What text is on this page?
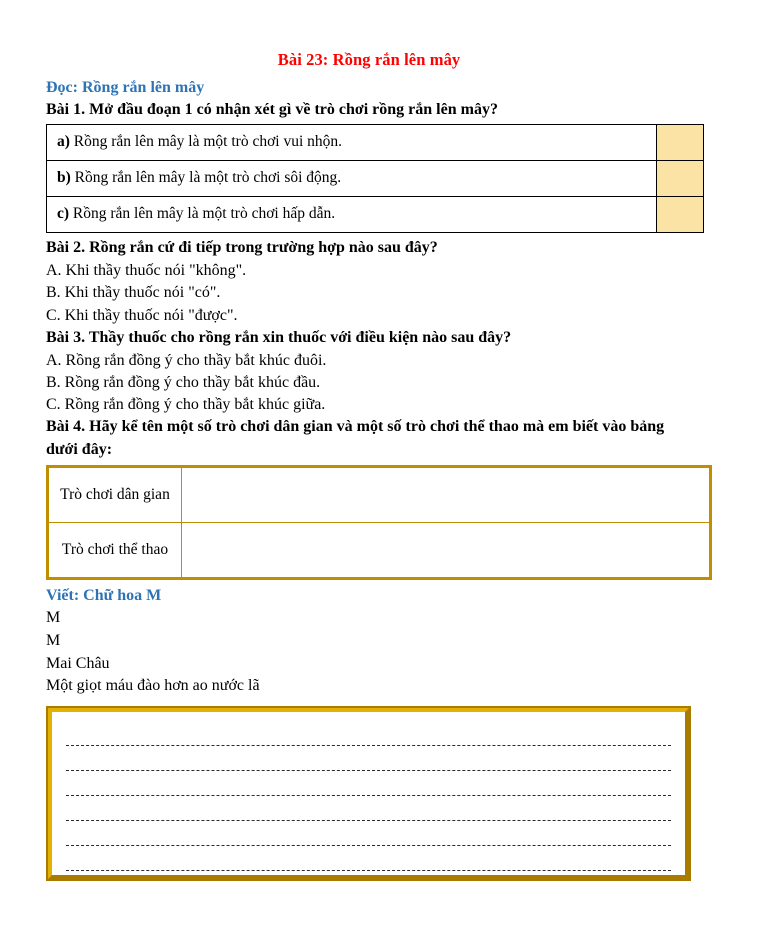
Bài 23: Rồng rắn lên mây
Đọc: Rồng rắn lên mây
Bài 1. Mở đầu đoạn 1 có nhận xét gì về trò chơi rồng rắn lên mây?
a) Rồng rắn lên mây là một trò chơi vui nhộn.	
b) Rồng rắn lên mây là một trò chơi sôi động.	
c) Rồng rắn lên mây là một trò chơi hấp dẫn.	
Bài 2. Rồng rắn cứ đi tiếp trong trường hợp nào sau đây?
A. Khi thầy thuốc nói "không".
B. Khi thầy thuốc nói "có".
C. Khi thầy thuốc nói "được".
Bài 3. Thầy thuốc cho rồng rắn xin thuốc với điều kiện nào sau đây?
A. Rồng rắn đồng ý cho thầy bắt khúc đuôi.
B. Rồng rắn đồng ý cho thầy bắt khúc đầu.
C. Rồng rắn đồng ý cho thầy bắt khúc giữa.
Bài 4. Hãy kể tên một số trò chơi dân gian và một số trò chơi thể thao mà em biết vào bảng dưới đây:
Trò chơi dân gian	
Trò chơi thể thao	
Viết: Chữ hoa M
M
M
Mai Châu
Một giọt máu đào hơn ao nước lã
